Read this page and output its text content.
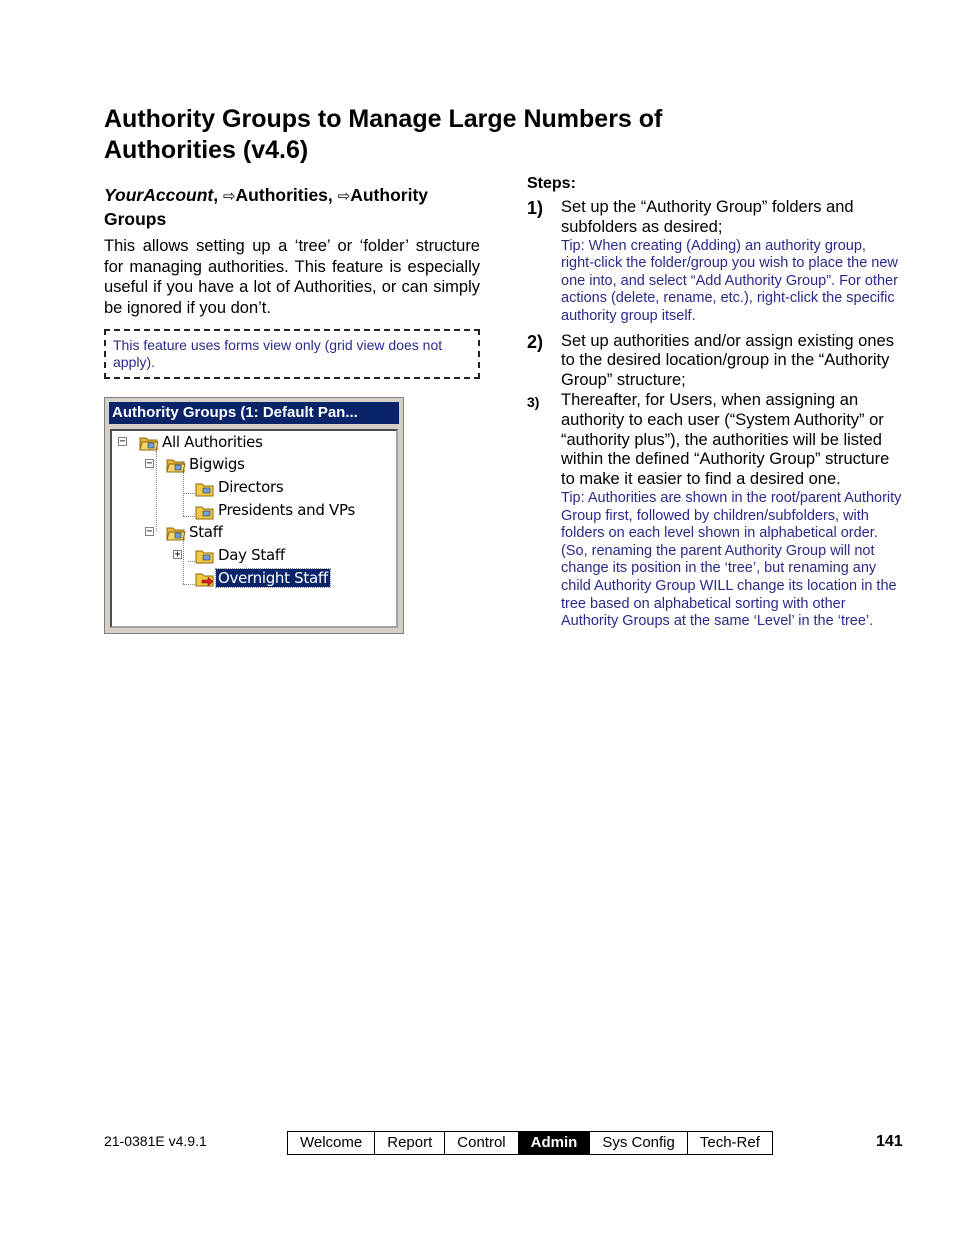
Authority Groups to Manage Large Numbers of Authorities (v4.6)
YourAccount, ⇨Authorities, ⇨Authority Groups
This allows setting up a ‘tree’ or ‘folder’ structure for managing authorities. This feature is especially useful if you have a lot of Authorities, or can simply be ignored if you don’t.
This feature uses forms view only (grid view does not apply).
Authority Groups (1: Default Pan...
− All Authorities
− Bigwigs
Directors
Presidents and VPs
− Staff
+ Day Staff
Overnight Staff
Steps:
1) Set up the “Authority Group” folders and subfolders as desired;
Tip: When creating (Adding) an authority group, right-click the folder/group you wish to place the new one into, and select “Add Authority Group”. For other actions (delete, rename, etc.), right-click the specific authority group itself.
2) Set up authorities and/or assign existing ones to the desired location/group in the “Authority Group” structure;
3) Thereafter, for Users, when assigning an authority to each user (“System Authority” or “authority plus”), the authorities will be listed within the defined “Authority Group” structure to make it easier to find a desired one.
Tip: Authorities are shown in the root/parent Authority Group first, followed by children/subfolders, with folders on each level shown in alphabetical order. (So, renaming the parent Authority Group will not change its position in the ‘tree’, but renaming any child Authority Group WILL change its location in the tree based on alphabetical sorting with other Authority Groups at the same ‘Level’ in the ‘tree’.
21-0381E v4.9.1	Welcome	Report	Control	Admin	Sys Config	Tech-Ref	141
